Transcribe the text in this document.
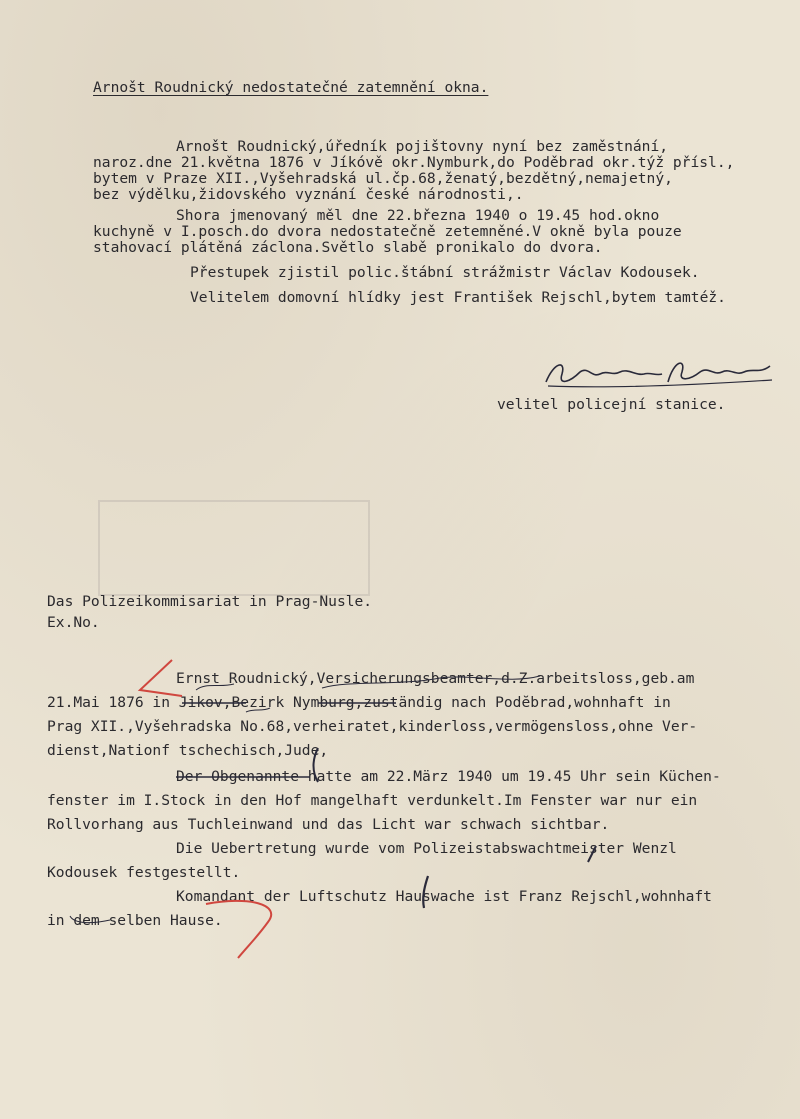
Arnošt Roudnický nedostatečné zatemnění okna.
Arnošt Roudnický,úředník pojištovny nyní bez zaměstnání,
naroz.dne 21.května 1876 v Jíkóvě okr.Nymburk,do Poděbrad okr.týž přísl.,
bytem v Praze XII.,Vyšehradská ul.čp.68,ženatý,bezdětný,nemajetný,
bez výdělku,židovského vyznání české národnosti,.
Shora jmenovaný měl dne 22.března 1940 o 19.45 hod.okno
kuchyně v I.posch.do dvora nedostatečně zetemněné.V okně byla pouze
stahovací plátěná záclona.Světlo slabě pronikalo do dvora.
Přestupek zjistil polic.štábní strážmistr Václav Kodousek.
Velitelem domovní hlídky jest František Rejschl,bytem tamtéž.
velitel policejní stanice.
Das Polizeikommisariat in Prag-Nusle.
Ex.No.
Ernst Roudnický,Versicherungsbeamter,d.Z.arbeitsloss,geb.am
21.Mai 1876 in Jikov,Bezirk Nymburg,zuständig nach Podĕbrad,wohnhaft in
Prag XII.,Vyšehradska No.68,verheiratet,kinderloss,vermögensloss,ohne Ver-
dienst,Nationf tschechisch,Jude,
Der Obgenannte hatte am 22.März 1940 um 19.45 Uhr sein Küchen-
fenster im I.Stock in den Hof mangelhaft verdunkelt.Im Fenster war nur ein
Rollvorhang aus Tuchleinwand und das Licht war schwach sichtbar.
Die Uebertretung wurde vom Polizeistabswachtmeister Wenzl
Kodousek festgestellt.
Komandant der Luftschutz Hauswache ist Franz Rejschl,wohnhaft
in dem selben Hause.
